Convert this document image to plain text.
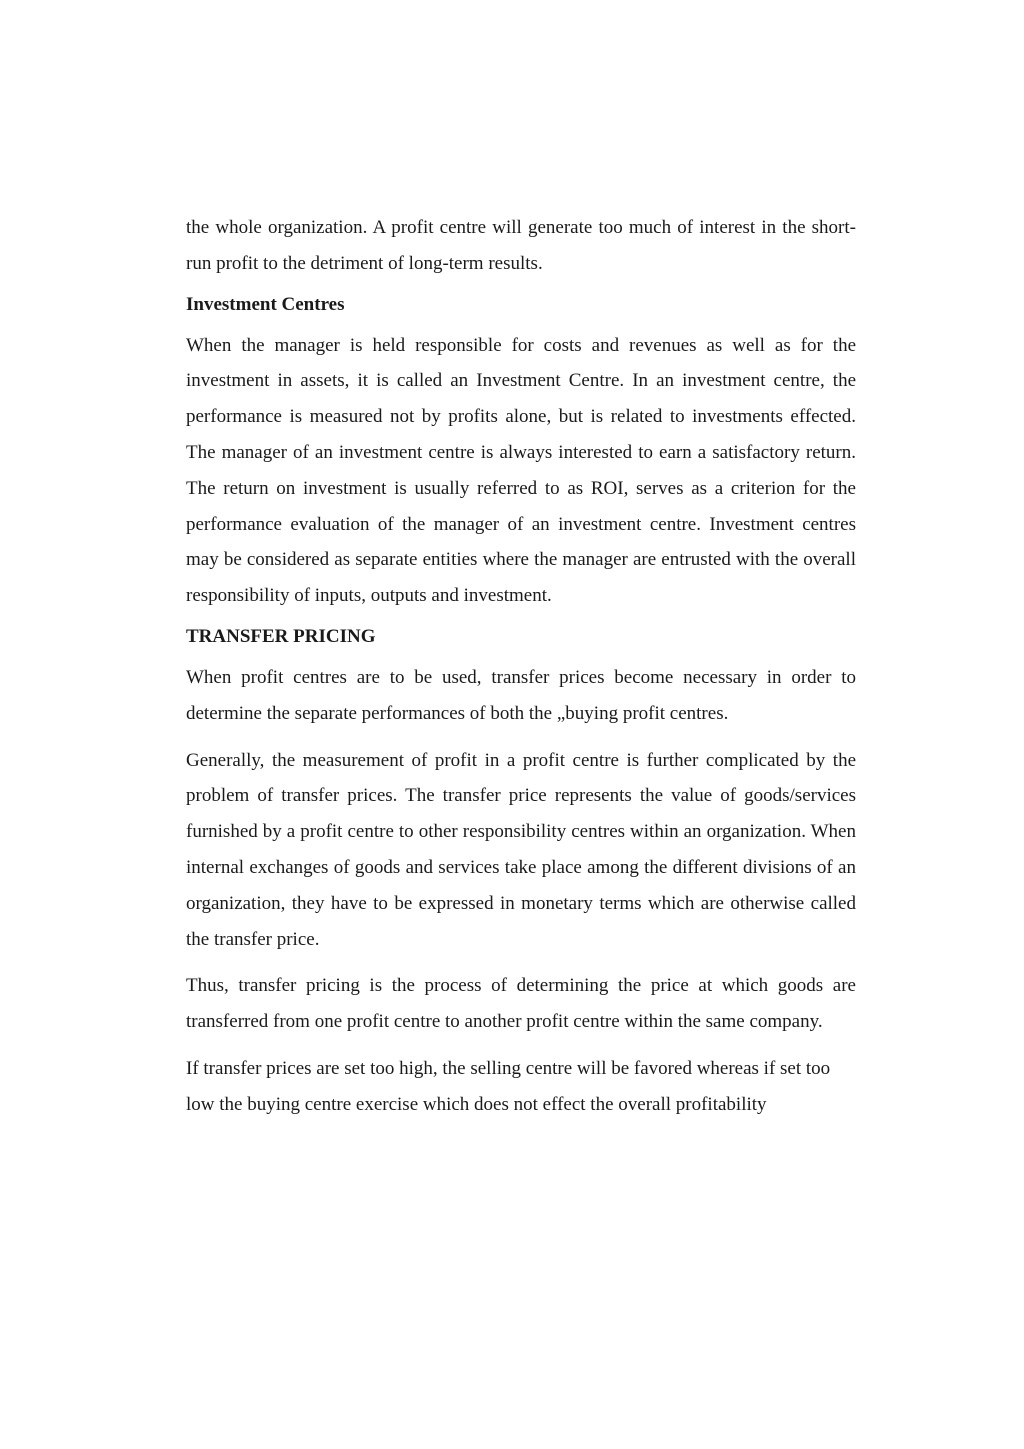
the whole organization. A profit centre will generate too much of interest in the short-run profit to the detriment of long-term results.

Investment Centres

When the manager is held responsible for costs and revenues as well as for the investment in assets, it is called an Investment Centre. In an investment centre, the performance is measured not by profits alone, but is related to investments effected. The manager of an investment centre is always interested to earn a satisfactory return. The return on investment is usually referred to as ROI, serves as a criterion for the performance evaluation of the manager of an investment centre. Investment centres may be considered as separate entities where the manager are entrusted with the overall responsibility of inputs, outputs and investment.

TRANSFER PRICING

When profit centres are to be used, transfer prices become necessary in order to determine the separate performances of both the „buying profit centres.

Generally, the measurement of profit in a profit centre is further complicated by the problem of transfer prices. The transfer price represents the value of goods/services furnished by a profit centre to other responsibility centres within an organization. When internal exchanges of goods and services take place among the different divisions of an organization, they have to be expressed in monetary terms which are otherwise called the transfer price.

Thus, transfer pricing is the process of determining the price at which goods are transferred from one profit centre to another profit centre within the same company.

If transfer prices are set too high, the selling centre will be favored whereas if set too low the buying centre exercise which does not effect the overall profitability
